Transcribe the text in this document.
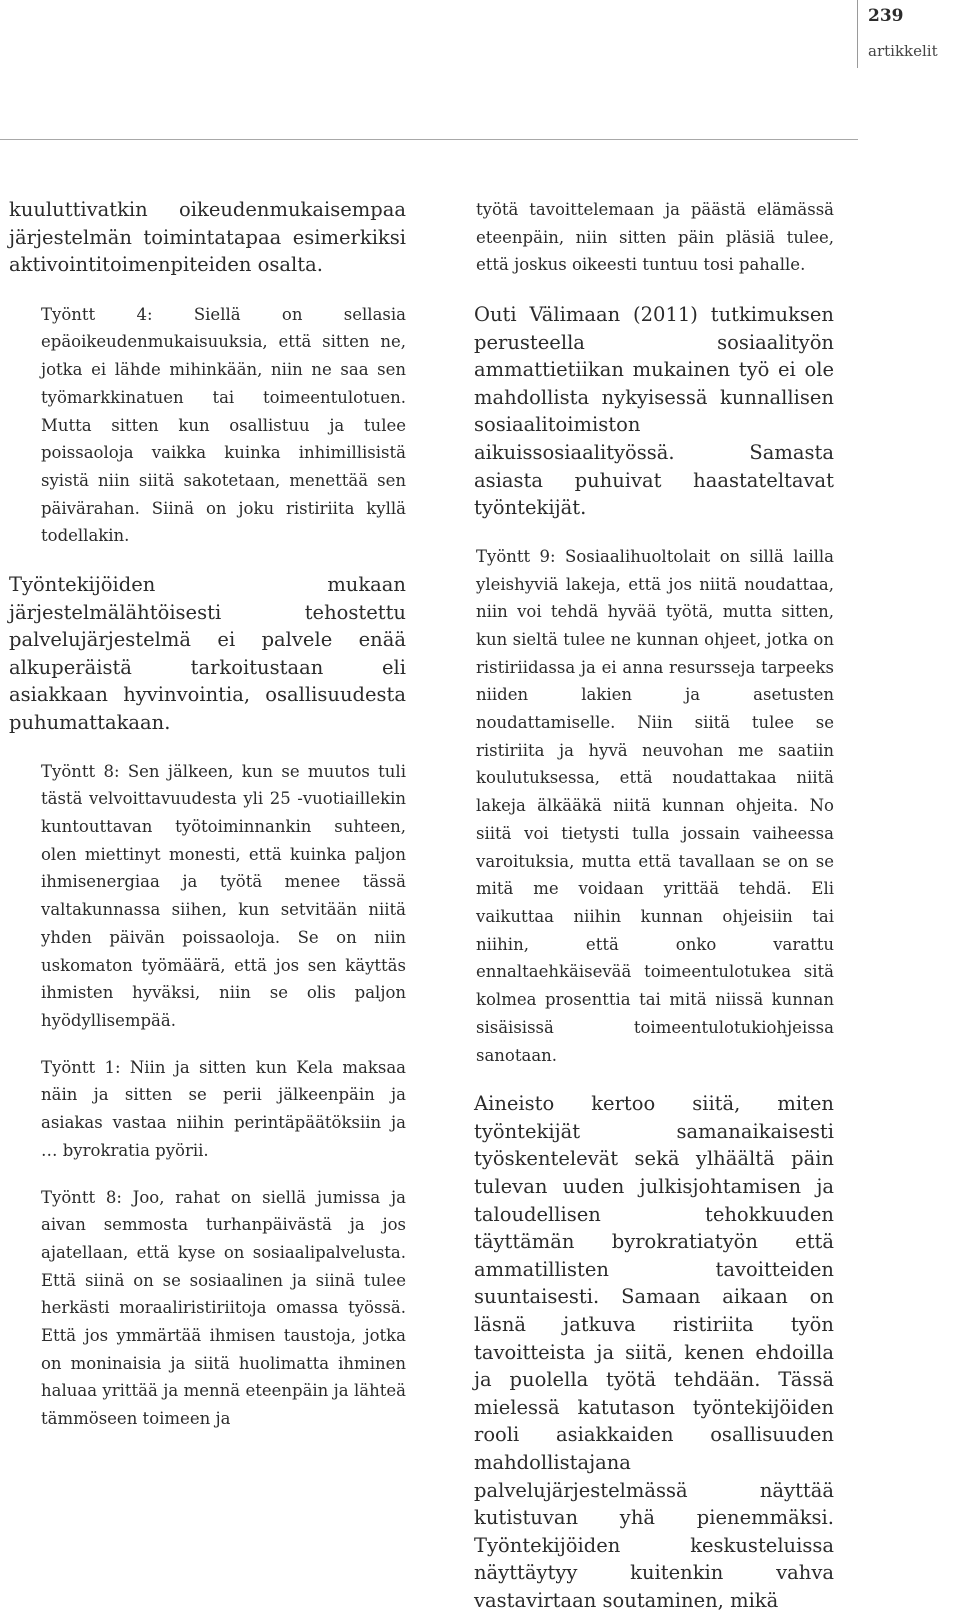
239
artikkelit

kuuluttivatkin oikeudenmukaisempaa järjestelmän toimintatapaa esimerkiksi aktivointitoimenpiteiden osalta.

Työntt 4: Siellä on sellasia epäoikeudenmukaisuuksia, että sitten ne, jotka ei lähde mihinkään, niin ne saa sen työmarkkinatuen tai toimeentulotuen. Mutta sitten kun osallistuu ja tulee poissaoloja vaikka kuinka inhimillisistä syistä niin siitä sakotetaan, menettää sen päivärahan. Siinä on joku ristiriita kyllä todellakin.

Työntekijöiden mukaan järjestelmälähtöisesti tehostettu palvelujärjestelmä ei palvele enää alkuperäistä tarkoitustaan eli asiakkaan hyvinvointia, osallisuudesta puhumattakaan.

Työntt 8: Sen jälkeen, kun se muutos tuli tästä velvoittavuudesta yli 25 -vuotiaillekin kuntouttavan työtoiminnankin suhteen, olen miettinyt monesti, että kuinka paljon ihmisenergiaa ja työtä menee tässä valtakunnassa siihen, kun setvitään niitä yhden päivän poissaoloja. Se on niin uskomaton työmäärä, että jos sen käyttäs ihmisten hyväksi, niin se olis paljon hyödyllisempää.

Työntt 1: Niin ja sitten kun Kela maksaa näin ja sitten se perii jälkeenpäin ja asiakas vastaa niihin perintäpäätöksiin ja … byrokratia pyörii.

Työntt 8: Joo, rahat on siellä jumissa ja aivan semmosta turhanpäivästä ja jos ajatellaan, että kyse on sosiaalipalvelusta. Että siinä on se sosiaalinen ja siinä tulee herkästi moraaliristiriitoja omassa työssä. Että jos ymmärtää ihmisen taustoja, jotka on moninaisia ja siitä huolimatta ihminen haluaa yrittää ja mennä eteenpäin ja lähteä tämmöseen toimeen ja

työtä tavoittelemaan ja päästä elämässä eteenpäin, niin sitten päin pläsiä tulee, että joskus oikeesti tuntuu tosi pahalle.

Outi Välimaan (2011) tutkimuksen perusteella sosiaalityön ammattietiikan mukainen työ ei ole mahdollista nykyisessä kunnallisen sosiaalitoimiston aikuissosiaalityössä. Samasta asiasta puhuivat haastateltavat työntekijät.

Työntt 9: Sosiaalihuoltolait on sillä lailla yleishyviä lakeja, että jos niitä noudattaa, niin voi tehdä hyvää työtä, mutta sitten, kun sieltä tulee ne kunnan ohjeet, jotka on ristiriidassa ja ei anna resursseja tarpeeks niiden lakien ja asetusten noudattamiselle. Niin siitä tulee se ristiriita ja hyvä neuvohan me saatiin koulutuksessa, että noudattakaa niitä lakeja älkääkä niitä kunnan ohjeita. No siitä voi tietysti tulla jossain vaiheessa varoituksia, mutta että tavallaan se on se mitä me voidaan yrittää tehdä. Eli vaikuttaa niihin kunnan ohjeisiin tai niihin, että onko varattu ennaltaehkäisevää toimeentulotukea sitä kolmea prosenttia tai mitä niissä kunnan sisäisissä toimeentulotukiohjeissa sanotaan.

Aineisto kertoo siitä, miten työntekijät samanaikaisesti työskentelevät sekä ylhäältä päin tulevan uuden julkisjohtamisen ja taloudellisen tehokkuuden täyttämän byrokratiatyön että ammatillisten tavoitteiden suuntaisesti. Samaan aikaan on läsnä jatkuva ristiriita työn tavoitteista ja siitä, kenen ehdoilla ja puolella työtä tehdään. Tässä mielessä katutason työntekijöiden rooli asiakkaiden osallisuuden mahdollistajana palvelujärjestelmässä näyttää kutistuvan yhä pienemmäksi. Työntekijöiden keskusteluissa näyttäytyy kuitenkin vahva vastavirtaan soutaminen, mikä
